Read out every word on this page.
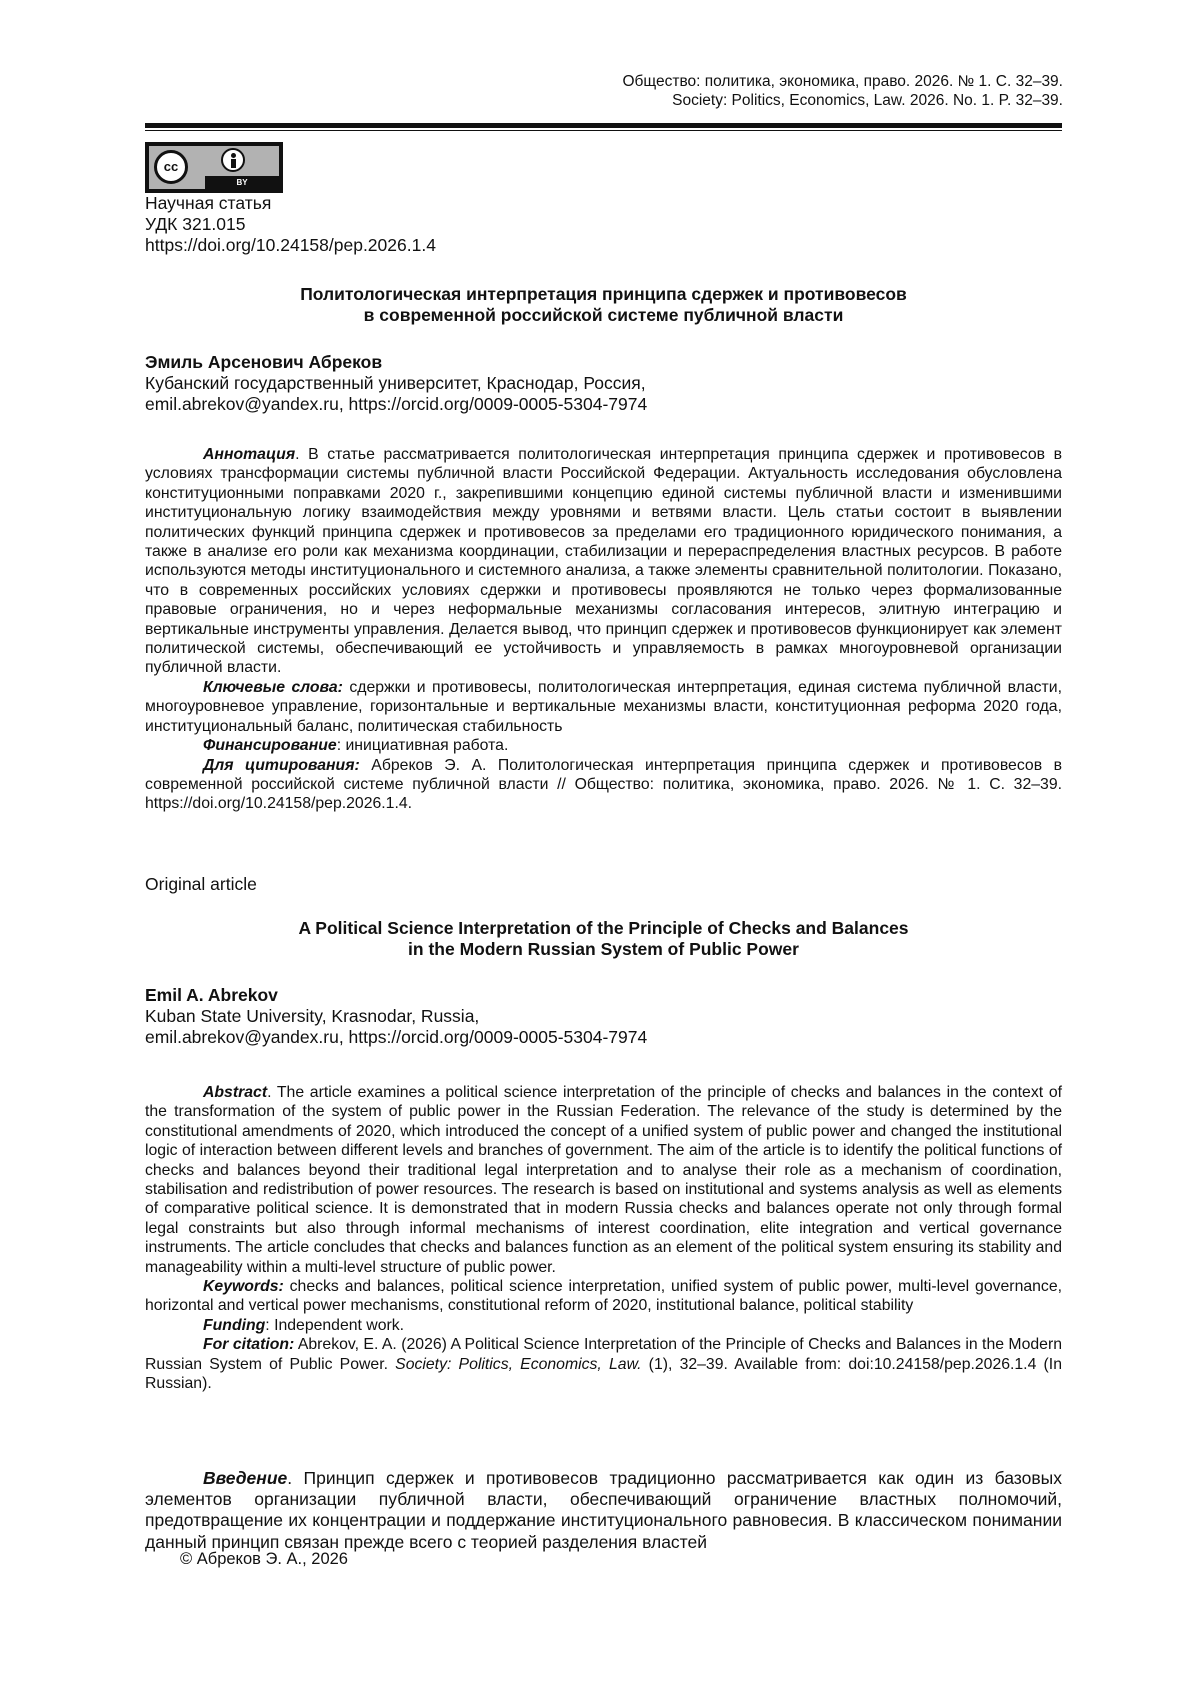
Общество: политика, экономика, право. 2026. № 1. С. 32–39.
Society: Politics, Economics, Law. 2026. No. 1. P. 32–39.
cc
BY
Научная статья
УДК 321.015
https://doi.org/10.24158/pep.2026.1.4
Политологическая интерпретация принципа сдержек и противовесов
в современной российской системе публичной власти
Эмиль Арсенович Абреков
Кубанский государственный университет, Краснодар, Россия,
emil.abrekov@yandex.ru, https://orcid.org/0009-0005-5304-7974

Аннотация. В статье рассматривается политологическая интерпретация принципа сдержек и противовесов в условиях трансформации системы публичной власти Российской Федерации. Актуальность исследования обусловлена конституционными поправками 2020 г., закрепившими концепцию единой системы публичной власти и изменившими институциональную логику взаимодействия между уровнями и ветвями власти. Цель статьи состоит в выявлении политических функций принципа сдержек и противовесов за пределами его традиционного юридического понимания, а также в анализе его роли как механизма координации, стабилизации и перераспределения властных ресурсов. В работе используются методы институционального и системного анализа, а также элементы сравнительной политологии. Показано, что в современных российских условиях сдержки и противовесы проявляются не только через формализованные правовые ограничения, но и через неформальные механизмы согласования интересов, элитную интеграцию и вертикальные инструменты управления. Делается вывод, что принцип сдержек и противовесов функционирует как элемент политической системы, обеспечивающий ее устойчивость и управляемость в рамках многоуровневой организации публичной власти.

Ключевые слова: сдержки и противовесы, политологическая интерпретация, единая система публичной власти, многоуровневое управление, горизонтальные и вертикальные механизмы власти, конституционная реформа 2020 года, институциональный баланс, политическая стабильность

Финансирование: инициативная работа.

Для цитирования: Абреков Э. А. Политологическая интерпретация принципа сдержек и противовесов в современной российской системе публичной власти // Общество: политика, экономика, право. 2026. № 1. С. 32–39. https://doi.org/10.24158/pep.2026.1.4.

Original article
A Political Science Interpretation of the Principle of Checks and Balances
in the Modern Russian System of Public Power
Emil A. Abrekov
Kuban State University, Krasnodar, Russia,
emil.abrekov@yandex.ru, https://orcid.org/0009-0005-5304-7974

Abstract. The article examines a political science interpretation of the principle of checks and balances in the context of the transformation of the system of public power in the Russian Federation. The relevance of the study is determined by the constitutional amendments of 2020, which introduced the concept of a unified system of public power and changed the institutional logic of interaction between different levels and branches of government. The aim of the article is to identify the political functions of checks and balances beyond their traditional legal interpretation and to analyse their role as a mechanism of coordination, stabilisation and redistribution of power resources. The research is based on institutional and systems analysis as well as elements of comparative political science. It is demonstrated that in modern Russia checks and balances operate not only through formal legal constraints but also through informal mechanisms of interest coordination, elite integration and vertical governance instruments. The article concludes that checks and balances function as an element of the political system ensuring its stability and manageability within a multi-level structure of public power.

Keywords: checks and balances, political science interpretation, unified system of public power, multi-level governance, horizontal and vertical power mechanisms, constitutional reform of 2020, institutional balance, political stability

Funding: Independent work.

For citation: Abrekov, E. A. (2026) A Political Science Interpretation of the Principle of Checks and Balances in the Modern Russian System of Public Power. Society: Politics, Economics, Law. (1), 32–39. Available from: doi:10.24158/pep.2026.1.4 (In Russian).

Введение. Принцип сдержек и противовесов традиционно рассматривается как один из базовых элементов организации публичной власти, обеспечивающий ограничение властных полномочий, предотвращение их концентрации и поддержание институционального равновесия. В классическом понимании данный принцип связан прежде всего с теорией разделения властей

© Абреков Э. А., 2026
